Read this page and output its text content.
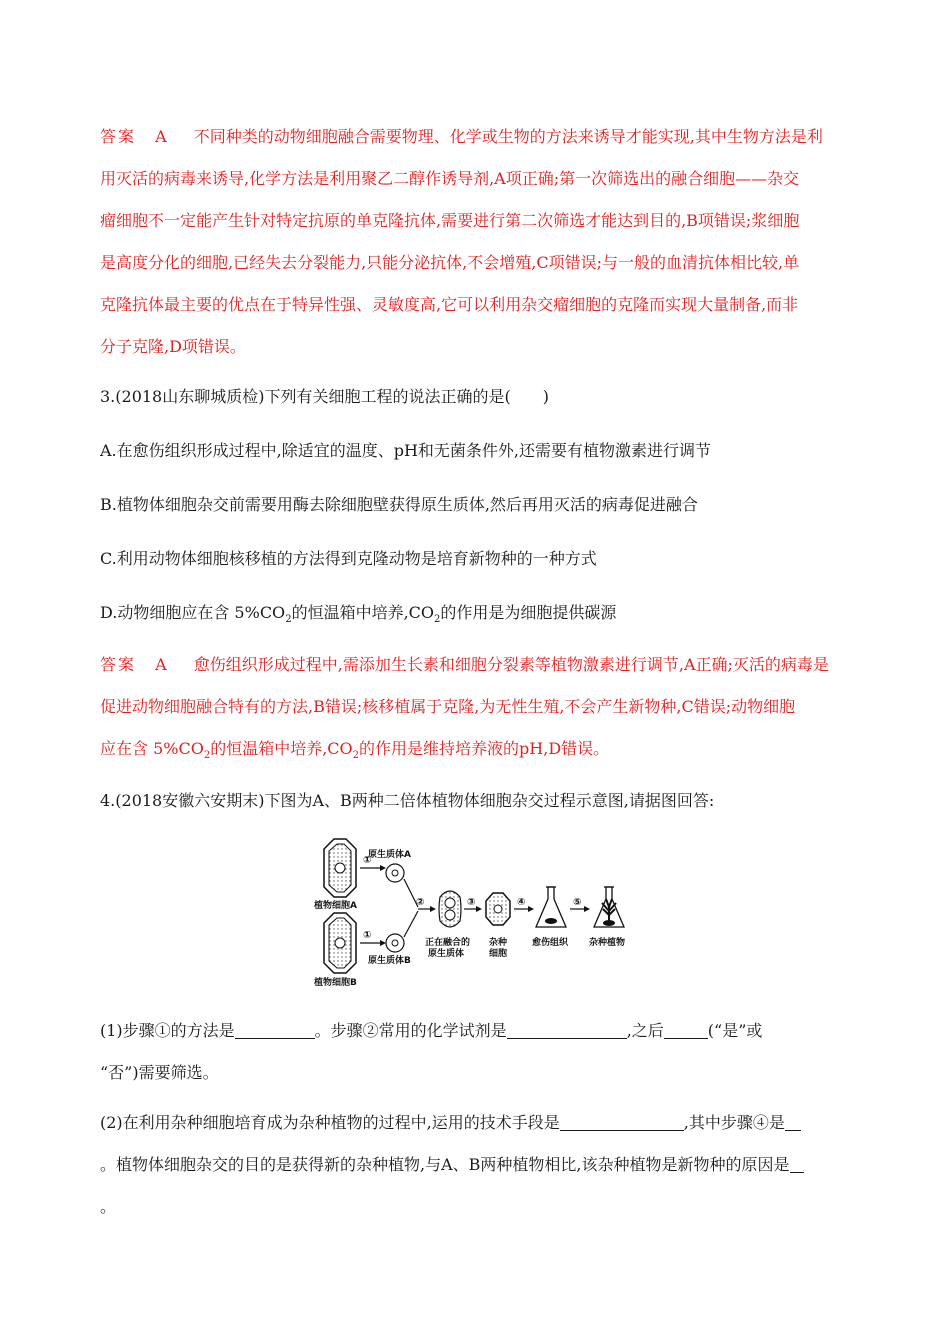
答案 A 不同种类的动物细胞融合需要物理、化学或生物的方法来诱导才能实现,其中生物方法是利
用灭活的病毒来诱导,化学方法是利用聚乙二醇作诱导剂,A项正确;第一次筛选出的融合细胞——杂交
瘤细胞不一定能产生针对特定抗原的单克隆抗体,需要进行第二次筛选才能达到目的,B项错误;浆细胞
是高度分化的细胞,已经失去分裂能力,只能分泌抗体,不会增殖,C项错误;与一般的血清抗体相比较,单
克隆抗体最主要的优点在于特异性强、灵敏度高,它可以利用杂交瘤细胞的克隆而实现大量制备,而非
分子克隆,D项错误。
3.(2018山东聊城质检)下列有关细胞工程的说法正确的是(　　)
A.在愈伤组织形成过程中,除适宜的温度、pH和无菌条件外,还需要有植物激素进行调节
B.植物体细胞杂交前需要用酶去除细胞壁获得原生质体,然后再用灭活的病毒促进融合
C.利用动物体细胞核移植的方法得到克隆动物是培育新物种的一种方式
D.动物细胞应在含 $5\%CO_2$的恒温箱中培养$,CO_2$的作用是为细胞提供碳源
答案 A 愈伤组织形成过程中,需添加生长素和细胞分裂素等植物激素进行调节,A正确;灭活的病毒是
促进动物细胞融合特有的方法,B错误;核移植属于克隆,为无性生殖,不会产生新物种,C错误;动物细胞
应在含 $5\%CO_2$的恒温箱中培养$,CO_2$的作用是维持培养液的pH,D错误。
4.(2018安徽六安期末)下图为A、B两种二倍体植物体细胞杂交过程示意图,请据图回答:
植物细胞A
植物细胞B
①
原生质体A
①
原生质体B
②
正在融合的
原生质体
③
杂种
细胞
④
愈伤组织
⑤
杂种植物
(1)步骤①的方法是	。步骤②常用的化学试剂是	,之后	(“是”或
“否”)需要筛选。
(2)在利用杂种细胞培育成为杂种植物的过程中,运用的技术手段是	,其中步骤④是
。植物体细胞杂交的目的是获得新的杂种植物,与A、B两种植物相比,该杂种植物是新物种的原因是
。
